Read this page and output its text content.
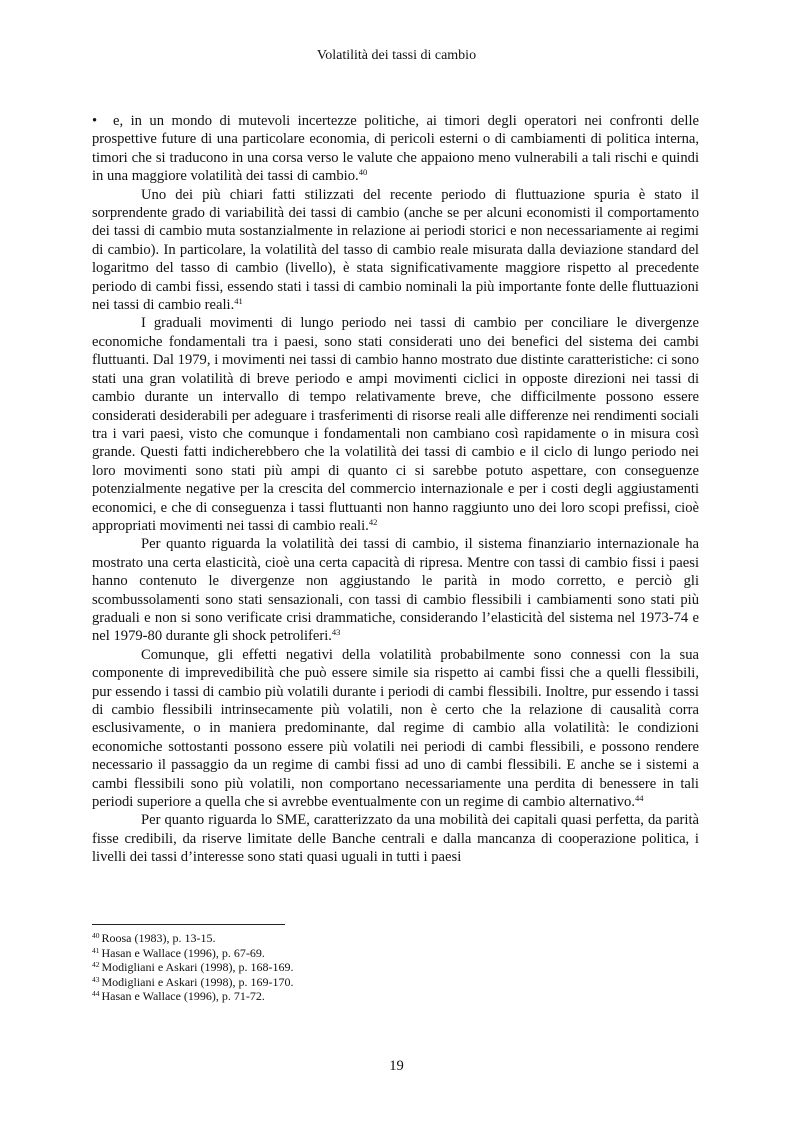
Volatilità dei tassi di cambio

• e, in un mondo di mutevoli incertezze politiche, ai timori degli operatori nei confronti delle prospettive future di una particolare economia, di pericoli esterni o di cambiamenti di politica interna, timori che si traducono in una corsa verso le valute che appaiono meno vulnerabili a tali rischi e quindi in una maggiore volatilità dei tassi di cambio.$^{40}$

Uno dei più chiari fatti stilizzati del recente periodo di fluttuazione spuria è stato il sorprendente grado di variabilità dei tassi di cambio (anche se per alcuni economisti il comportamento dei tassi di cambio muta sostanzialmente in relazione ai periodi storici e non necessariamente ai regimi di cambio). In particolare, la volatilità del tasso di cambio reale misurata dalla deviazione standard del logaritmo del tasso di cambio (livello), è stata significativamente maggiore rispetto al precedente periodo di cambi fissi, essendo stati i tassi di cambio nominali la più importante fonte delle fluttuazioni nei tassi di cambio reali.$^{41}$

I graduali movimenti di lungo periodo nei tassi di cambio per conciliare le divergenze economiche fondamentali tra i paesi, sono stati considerati uno dei benefici del sistema dei cambi fluttuanti. Dal 1979, i movimenti nei tassi di cambio hanno mostrato due distinte caratteristiche: ci sono stati una gran volatilità di breve periodo e ampi movimenti ciclici in opposte direzioni nei tassi di cambio durante un intervallo di tempo relativamente breve, che difficilmente possono essere considerati desiderabili per adeguare i trasferimenti di risorse reali alle differenze nei rendimenti sociali tra i vari paesi, visto che comunque i fondamentali non cambiano così rapidamente o in misura così grande. Questi fatti indicherebbero che la volatilità dei tassi di cambio e il ciclo di lungo periodo nei loro movimenti sono stati più ampi di quanto ci si sarebbe potuto aspettare, con conseguenze potenzialmente negative per la crescita del commercio internazionale e per i costi degli aggiustamenti economici, e che di conseguenza i tassi fluttuanti non hanno raggiunto uno dei loro scopi prefissi, cioè appropriati movimenti nei tassi di cambio reali.$^{42}$

Per quanto riguarda la volatilità dei tassi di cambio, il sistema finanziario internazionale ha mostrato una certa elasticità, cioè una certa capacità di ripresa. Mentre con tassi di cambio fissi i paesi hanno contenuto le divergenze non aggiustando le parità in modo corretto, e perciò gli scombussolamenti sono stati sensazionali, con tassi di cambio flessibili i cambiamenti sono stati più graduali e non si sono verificate crisi drammatiche, considerando l’elasticità del sistema nel 1973-74 e nel 1979-80 durante gli shock petroliferi.$^{43}$

Comunque, gli effetti negativi della volatilità probabilmente sono connessi con la sua componente di imprevedibilità che può essere simile sia rispetto ai cambi fissi che a quelli flessibili, pur essendo i tassi di cambio più volatili durante i periodi di cambi flessibili. Inoltre, pur essendo i tassi di cambio flessibili intrinsecamente più volatili, non è certo che la relazione di causalità corra esclusivamente, o in maniera predominante, dal regime di cambio alla volatilità: le condizioni economiche sottostanti possono essere più volatili nei periodi di cambi flessibili, e possono rendere necessario il passaggio da un regime di cambi fissi ad uno di cambi flessibili. E anche se i sistemi a cambi flessibili sono più volatili, non comportano necessariamente una perdita di benessere in tali periodi superiore a quella che si avrebbe eventualmente con un regime di cambio alternativo.$^{44}$

Per quanto riguarda lo SME, caratterizzato da una mobilità dei capitali quasi perfetta, da parità fisse credibili, da riserve limitate delle Banche centrali e dalla mancanza di cooperazione politica, i livelli dei tassi d’interesse sono stati quasi uguali in tutti i paesi

$^{40}$ Roosa (1983), p. 13-15.
$^{41}$ Hasan e Wallace (1996), p. 67-69.
$^{42}$ Modigliani e Askari (1998), p. 168-169.
$^{43}$ Modigliani e Askari (1998), p. 169-170.
$^{44}$ Hasan e Wallace (1996), p. 71-72.
19
